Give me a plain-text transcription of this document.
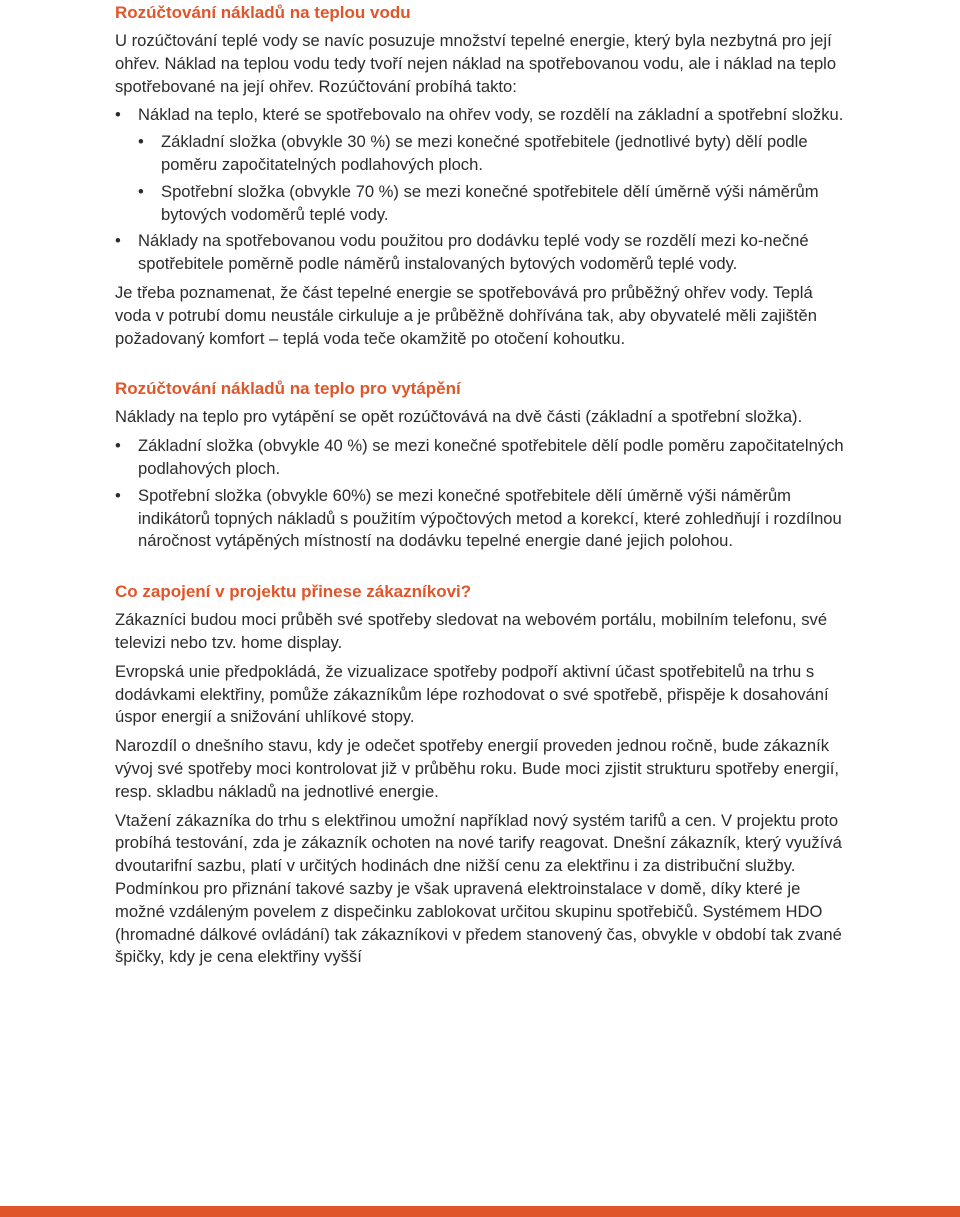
Rozúčtování nákladů na teplou vodu

U rozúčtování teplé vody se navíc posuzuje množství tepelné energie, který byla nezbytná pro její ohřev. Náklad na teplou vodu tedy tvoří nejen náklad na spotřebovanou vodu, ale i náklad na teplo spotřebované na její ohřev. Rozúčtování probíhá takto:

• Náklad na teplo, které se spotřebovalo na ohřev vody, se rozdělí na základní a spotřební složku.
• Základní složka (obvykle 30 %) se mezi konečné spotřebitele (jednotlivé byty) dělí podle poměru započitatelných podlahových ploch.
• Spotřební složka (obvykle 70 %) se mezi konečné spotřebitele dělí úměrně výši náměrům bytových vodoměrů teplé vody.
• Náklady na spotřebovanou vodu použitou pro dodávku teplé vody se rozdělí mezi ko-nečné spotřebitele poměrně podle náměrů instalovaných bytových vodoměrů teplé vody.

Je třeba poznamenat, že část tepelné energie se spotřebovává pro průběžný ohřev vody. Teplá voda v potrubí domu neustále cirkuluje a je průběžně dohřívána tak, aby obyvatelé měli zajištěn požadovaný komfort – teplá voda teče okamžitě po otočení kohoutku.

Rozúčtování nákladů na teplo pro vytápění

Náklady na teplo pro vytápění se opět rozúčtovává na dvě části (základní a spotřební složka).

• Základní složka (obvykle 40 %) se mezi konečné spotřebitele dělí podle poměru započitatelných podlahových ploch.
• Spotřební složka (obvykle 60%) se mezi konečné spotřebitele dělí úměrně výši náměrům indikátorů topných nákladů s použitím výpočtových metod a korekcí, které zohledňují i rozdílnou náročnost vytápěných místností na dodávku tepelné energie dané jejich polohou.
Co zapojení v projektu přinese zákazníkovi?

Zákazníci budou moci průběh své spotřeby sledovat na webovém portálu, mobilním telefonu, své televizi nebo tzv. home display.

Evropská unie předpokládá, že vizualizace spotřeby podpoří aktivní účast spotřebitelů na trhu s dodávkami elektřiny, pomůže zákazníkům lépe rozhodovat o své spotřebě, přispěje k dosahování úspor energií a snižování uhlíkové stopy.

Narozdíl o dnešního stavu, kdy je odečet spotřeby energií proveden jednou ročně, bude zákazník vývoj své spotřeby moci kontrolovat již v průběhu roku. Bude moci zjistit strukturu spotřeby energií, resp. skladbu nákladů na jednotlivé energie.

Vtažení zákazníka do trhu s elektřinou umožní například nový systém tarifů a cen. V projektu proto probíhá testování, zda je zákazník ochoten na nové tarify reagovat. Dnešní zákazník, který využívá dvoutarifní sazbu, platí v určitých hodinách dne nižší cenu za elektřinu i za distribuční služby. Podmínkou pro přiznání takové sazby je však upravená elektroinstalace v domě, díky které je možné vzdáleným povelem z dispečinku zablokovat určitou skupinu spotřebičů. Systémem HDO (hromadné dálkové ovládání) tak zákazníkovi v předem stanovený čas, obvykle v období tak zvané špičky, kdy je cena elektřiny vyšší
